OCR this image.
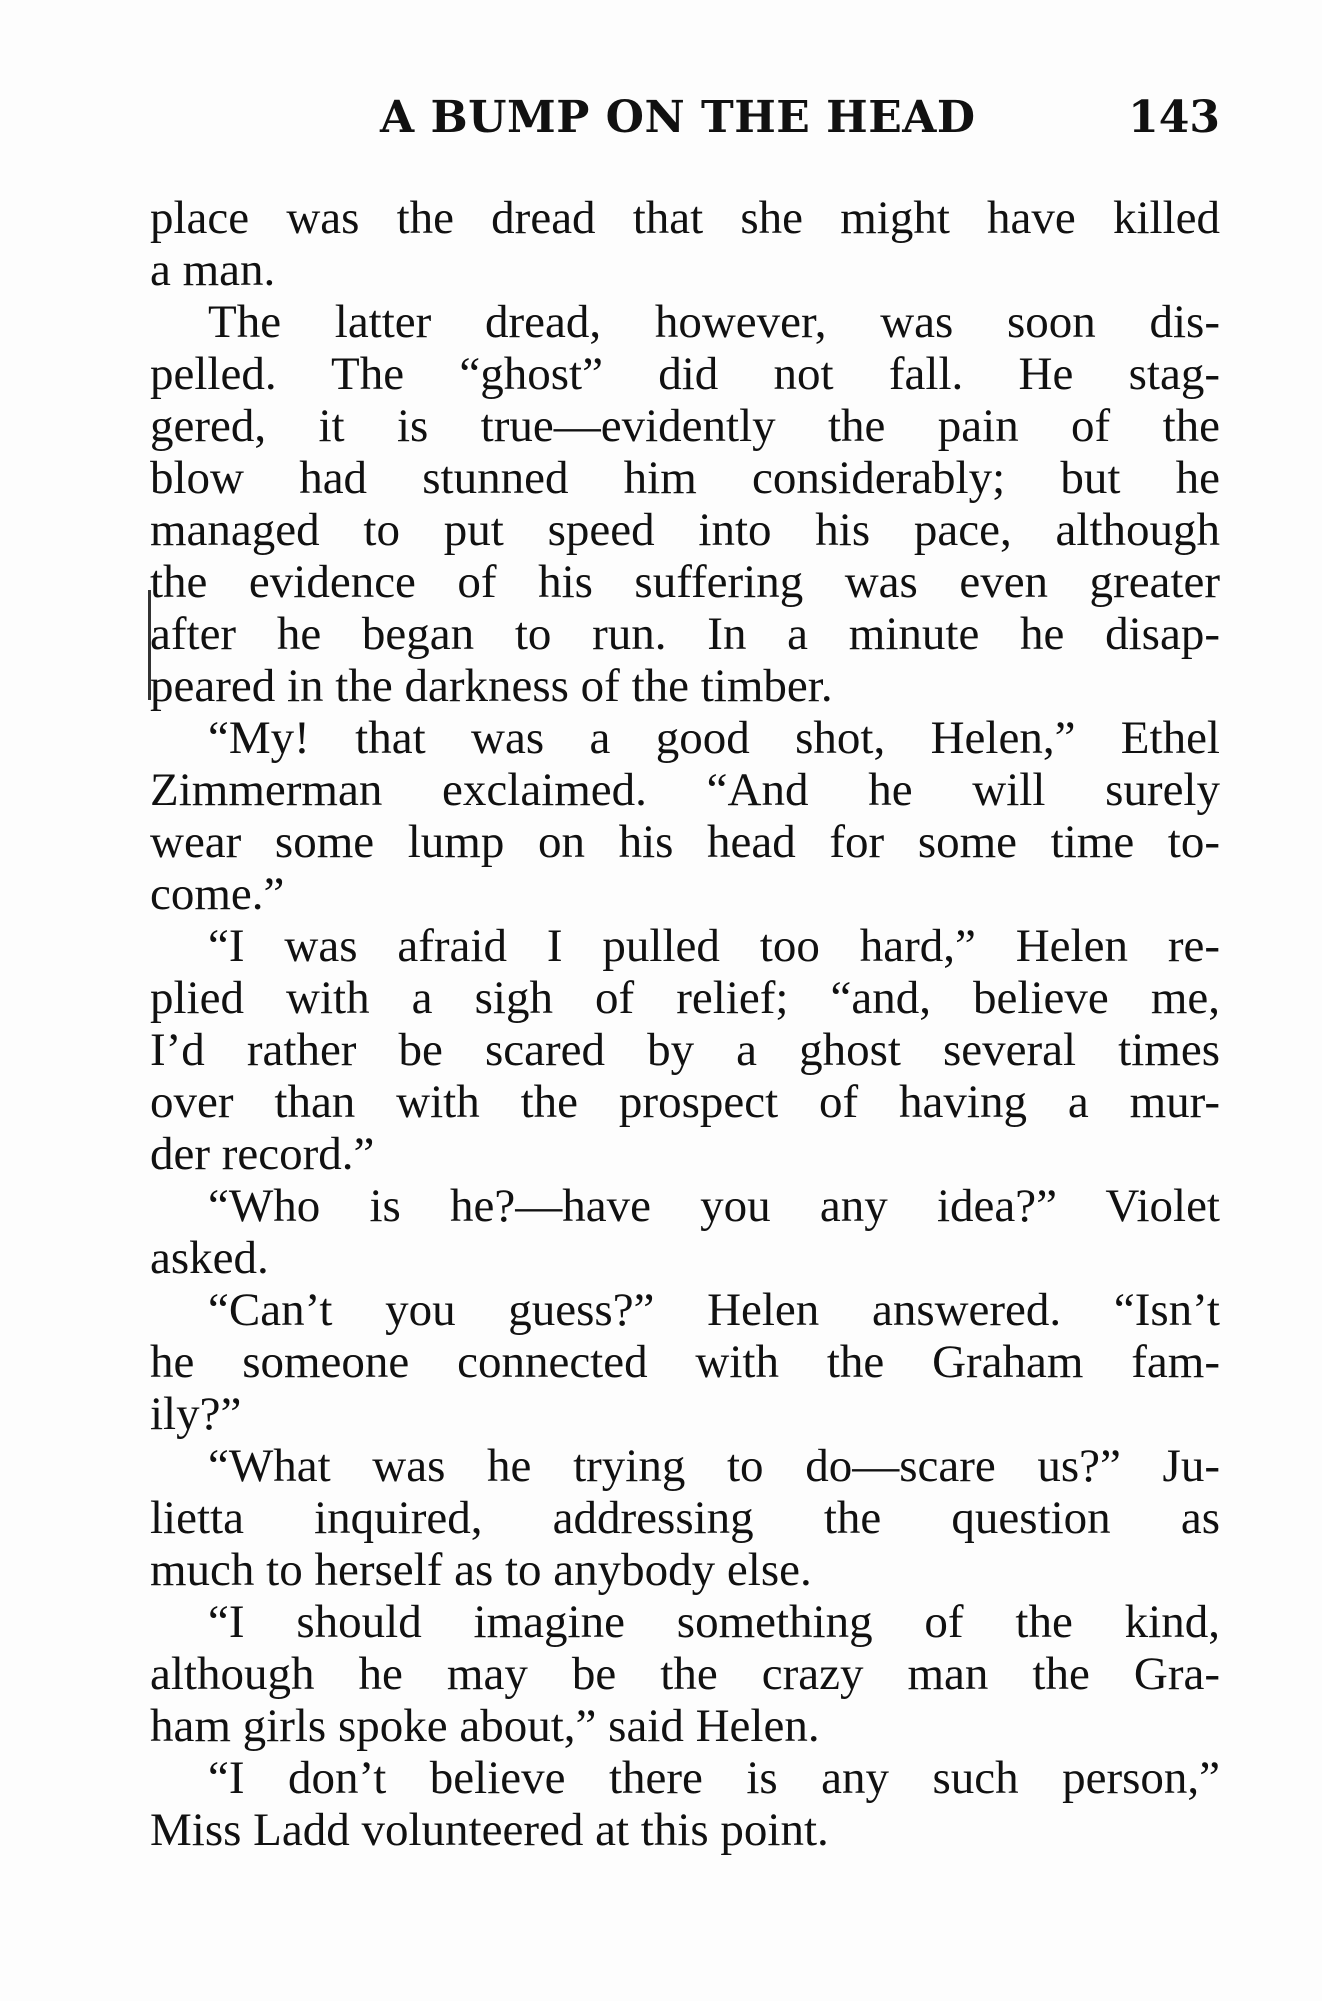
A BUMP ON THE HEAD	143
place was the dread that she might have killed
a man.
The latter dread, however, was soon dis-
pelled. The “ghost” did not fall. He stag-
gered, it is true—evidently the pain of the
blow had stunned him considerably; but he
managed to put speed into his pace, although
the evidence of his suffering was even greater
after he began to run. In a minute he disap-
peared in the darkness of the timber.
“My! that was a good shot, Helen,” Ethel
Zimmerman exclaimed. “And he will surely
wear some lump on his head for some time to-
come.”
“I was afraid I pulled too hard,” Helen re-
plied with a sigh of relief; “and, believe me,
I’d rather be scared by a ghost several times
over than with the prospect of having a mur-
der record.”
“Who is he?—have you any idea?” Violet
asked.
“Can’t you guess?” Helen answered. “Isn’t
he someone connected with the Graham fam-
ily?”
“What was he trying to do—scare us?” Ju-
lietta inquired, addressing the question as
much to herself as to anybody else.
“I should imagine something of the kind,
although he may be the crazy man the Gra-
ham girls spoke about,” said Helen.
“I don’t believe there is any such person,”
Miss Ladd volunteered at this point.
